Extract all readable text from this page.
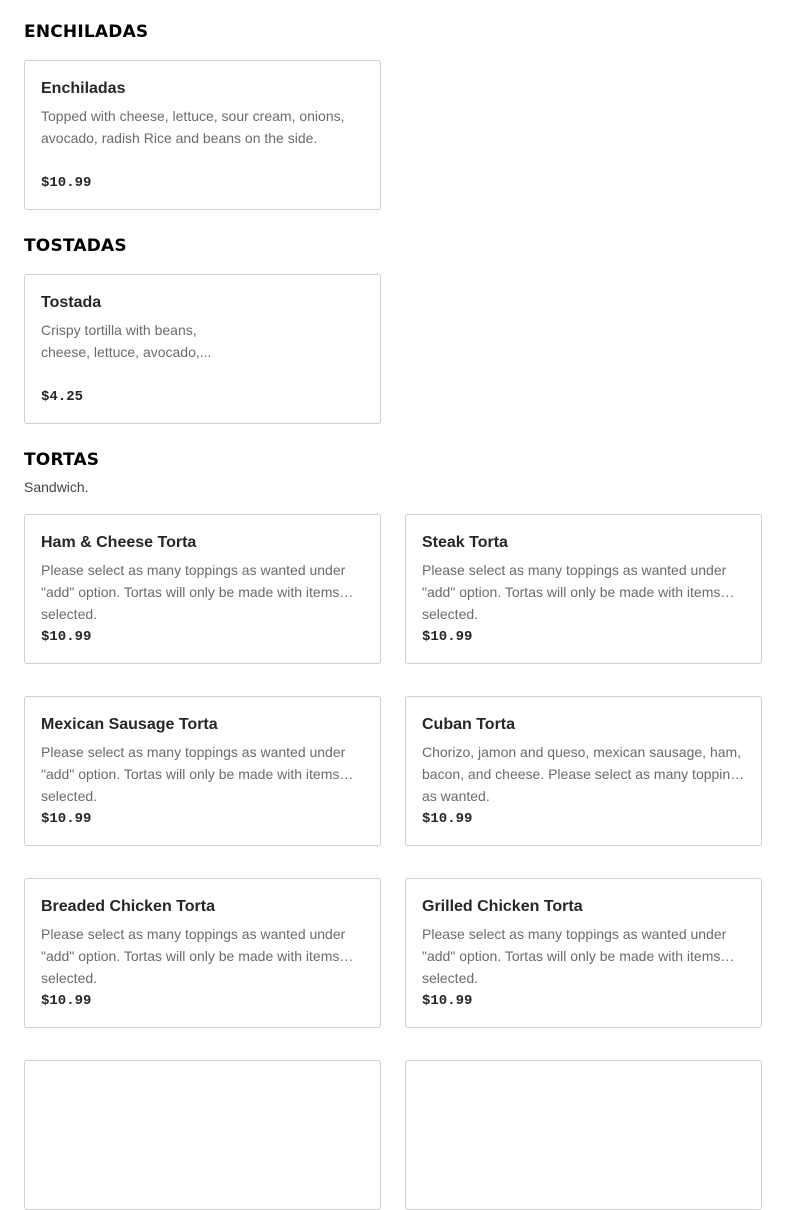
ENCHILADAS
Enchiladas
Topped with cheese, lettuce, sour cream, onions, avocado, radish Rice and beans on the side.
$10.99
TOSTADAS
Tostada
Crispy tortilla with beans, cheese, lettuce, avocado,...
$4.25
TORTAS

Sandwich.

Ham & Cheese Torta
Please select as many toppings as wanted under "add" option. Tortas will only be made with items selected.
$10.99
Steak Torta
Please select as many toppings as wanted under "add" option. Tortas will only be made with items selected.
$10.99
Mexican Sausage Torta
Please select as many toppings as wanted under "add" option. Tortas will only be made with items selected.
$10.99
Cuban Torta
Chorizo, jamon and queso, mexican sausage, ham, bacon, and cheese. Please select as many toppings as wanted.
$10.99
Breaded Chicken Torta
Please select as many toppings as wanted under "add" option. Tortas will only be made with items selected.
$10.99
Grilled Chicken Torta
Please select as many toppings as wanted under "add" option. Tortas will only be made with items selected.
$10.99
